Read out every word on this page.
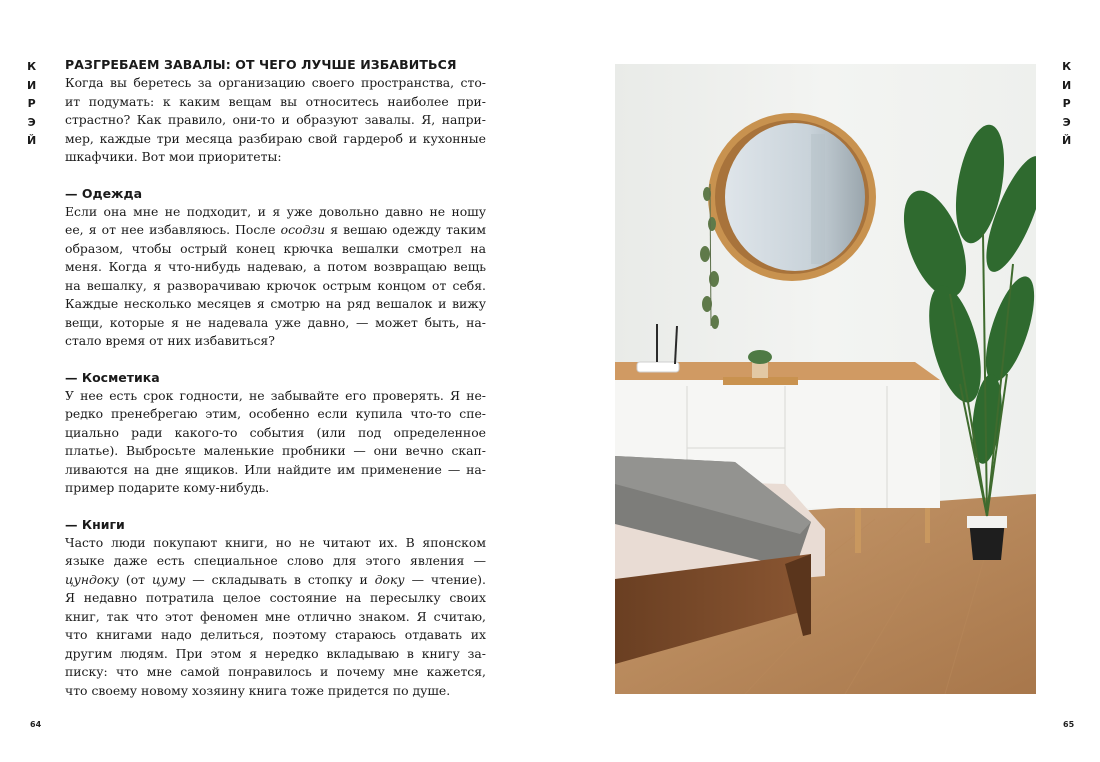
К
И
Р
Э
Й
К
И
Р
Э
Й
64	65
РАЗГРЕБАЕМ ЗАВАЛЫ: ОТ ЧЕГО ЛУЧШЕ ИЗБАВИТЬСЯ
Когда вы беретесь за организацию своего пространства, сто-
ит подумать: к каким вещам вы относитесь наиболее при-
страстно? Как правило, они-то и образуют завалы. Я, напри-
мер, каждые три месяца разбираю свой гардероб и кухонные
шкафчики. Вот мои приоритеты:
— Одежда
Если она мне не подходит, и я уже довольно давно не ношу
ее, я от нее избавляюсь. После осодзи я вешаю одежду таким
образом, чтобы острый конец крючка вешалки смотрел на
меня. Когда я что-нибудь надеваю, а потом возвращаю вещь
на вешалку, я разворачиваю крючок острым концом от себя.
Каждые несколько месяцев я смотрю на ряд вешалок и вижу
вещи, которые я не надевала уже давно, — может быть, на-
стало время от них избавиться?
— Косметика
У нее есть срок годности, не забывайте его проверять. Я не-
редко пренебрегаю этим, особенно если купила что-то спе-
циально ради какого-то события (или под определенное
платье). Выбросьте маленькие пробники — они вечно скап-
ливаются на дне ящиков. Или найдите им применение — на-
пример подарите кому-нибудь.
— Книги
Часто люди покупают книги, но не читают их. В японском
языке даже есть специальное слово для этого явления —
цундоку (от цуму — складывать в стопку и доку — чтение).
Я недавно потратила целое состояние на пересылку своих
книг, так что этот феномен мне отлично знаком. Я считаю,
что книгами надо делиться, поэтому стараюсь отдавать их
другим людям. При этом я нередко вкладываю в книгу за-
писку: что мне самой понравилось и почему мне кажется,
что своему новому хозяину книга тоже придется по душе.
